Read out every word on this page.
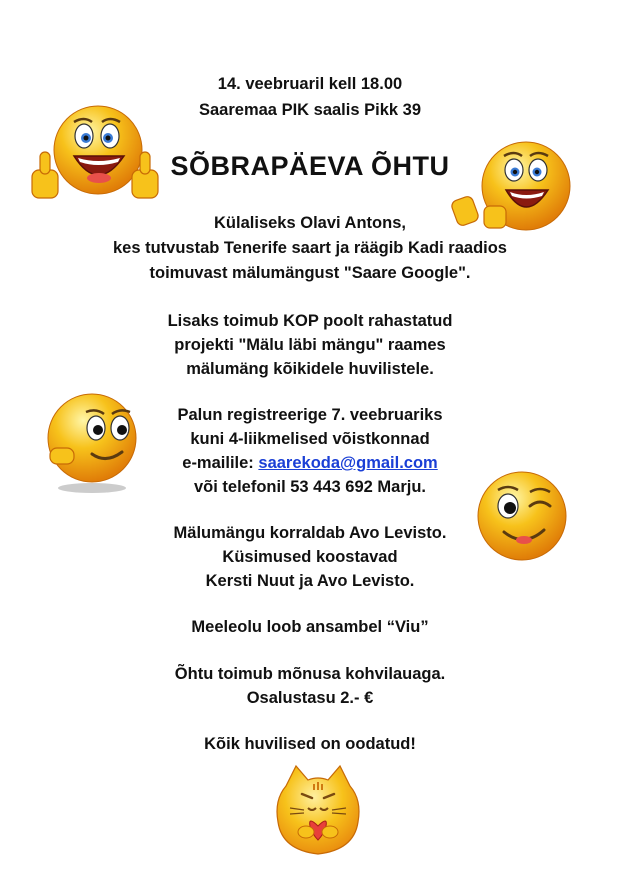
14. veebruaril kell 18.00
Saaremaa PIK saalis Pikk 39
SÕBRAPÄEVA ÕHTU
Külaliseks Olavi Antons,
kes tutvustab Tenerife saart ja räägib Kadi raadios
toimuvast mälumängust "Saare Google".
Lisaks toimub KOP poolt rahastatud
projekti "Mälu läbi mängu" raames
mälumäng kõikidele huvilistele.
Palun registreerige 7. veebruariks
kuni 4-liikmelised võistkonnad
e-mailile: saarekoda@gmail.com
või telefonil 53 443 692 Marju.
Mälumängu korraldab Avo Levisto.
Küsimused koostavad
Kersti Nuut ja Avo Levisto.
Meeleolu loob ansambel “Viu”
Õhtu toimub mõnusa kohvilauaga.
Osalustasu 2.- €
Kõik huvilised on oodatud!
